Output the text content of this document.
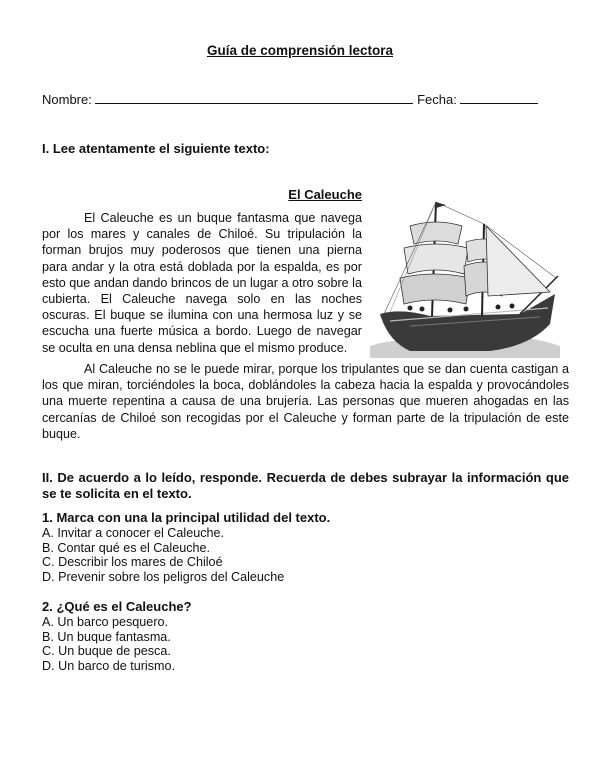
Guía de comprensión lectora
Nombre:	Fecha:
I. Lee atentamente el siguiente texto:
El Caleuche
El Caleuche es un buque fantasma que navega por los mares y canales de Chiloé. Su tripulación la forman brujos muy poderosos que tienen una pierna para andar y la otra está doblada por la espalda, es por esto que andan dando brincos de un lugar a otro sobre la cubierta. El Caleuche navega solo en las noches oscuras. El buque se ilumina con una hermosa luz y se escucha una fuerte música a bordo. Luego de navegar se oculta en una densa neblina que el mismo produce.
Al Caleuche no se le puede mirar, porque los tripulantes que se dan cuenta castigan a los que miran, torciéndoles la boca, doblándoles la cabeza hacia la espalda y provocándoles una muerte repentina a causa de una brujería. Las personas que mueren ahogadas en las cercanías de Chiloé son recogidas por el Caleuche y forman parte de la tripulación de este buque.
II. De acuerdo a lo leído, responde. Recuerda de debes subrayar la información que se te solicita en el texto.
1. Marca con una la principal utilidad del texto.
A. Invitar a conocer el Caleuche.
B. Contar qué es el Caleuche.
C. Describir los mares de Chiloé
D. Prevenir sobre los peligros del Caleuche
2. ¿Qué es el Caleuche?
A. Un barco pesquero.
B. Un buque fantasma.
C. Un buque de pesca.
D. Un barco de turismo.
